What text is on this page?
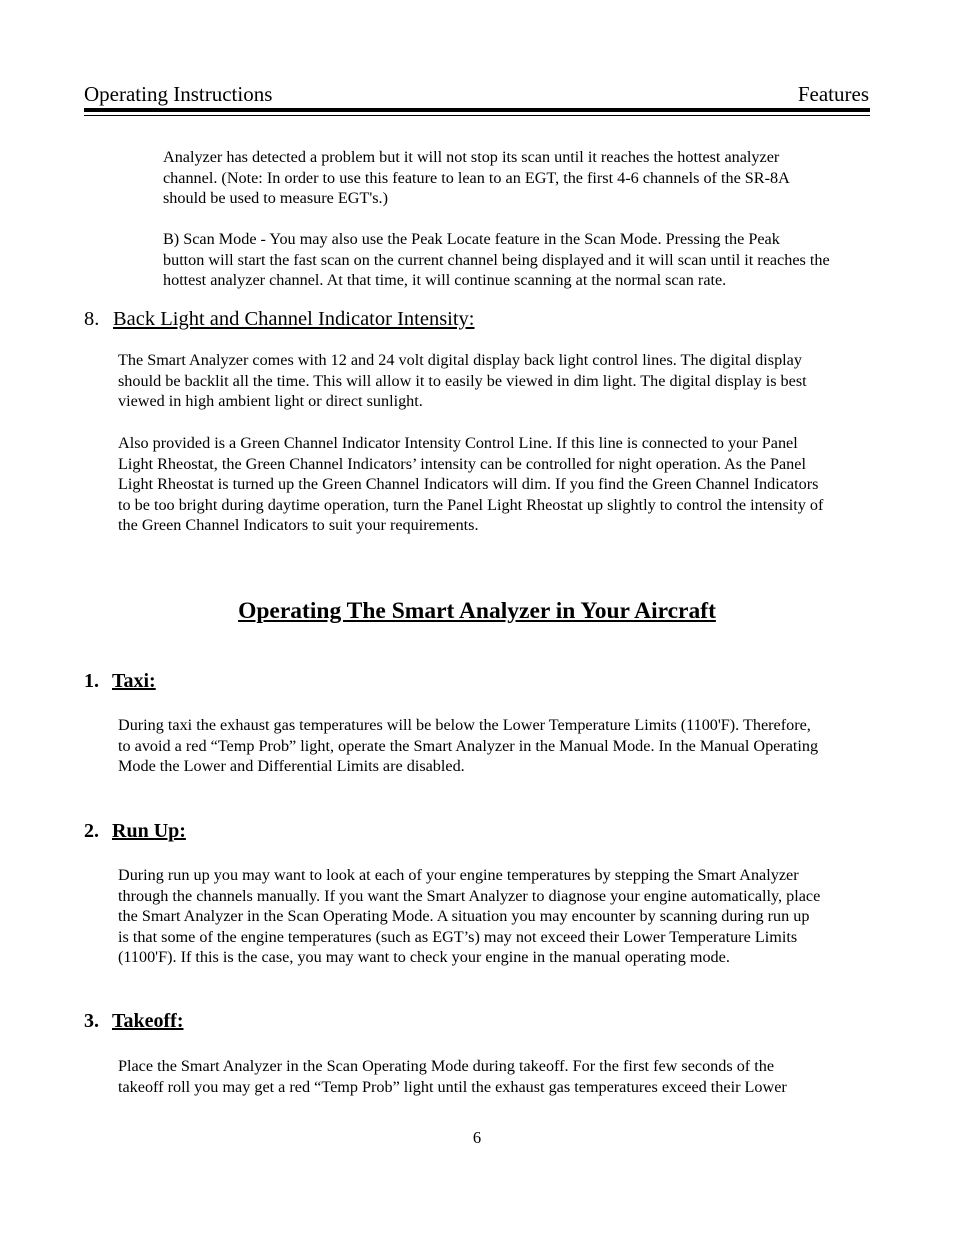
Operating Instructions	Features

Analyzer has detected a problem but it will not stop its scan until it reaches the hottest analyzer
channel. (Note: In order to use this feature to lean to an EGT, the first 4-6 channels of the SR-8A
should be used to measure EGT's.)

B) Scan Mode - You may also use the Peak Locate feature in the Scan Mode. Pressing the Peak
button will start the fast scan on the current channel being displayed and it will scan until it reaches the
hottest analyzer channel. At that time, it will continue scanning at the normal scan rate.

8. Back Light and Channel Indicator Intensity:

The Smart Analyzer comes with 12 and 24 volt digital display back light control lines. The digital display
should be backlit all the time. This will allow it to easily be viewed in dim light. The digital display is best
viewed in high ambient light or direct sunlight.

Also provided is a Green Channel Indicator Intensity Control Line. If this line is connected to your Panel
Light Rheostat, the Green Channel Indicators’ intensity can be controlled for night operation. As the Panel
Light Rheostat is turned up the Green Channel Indicators will dim. If you find the Green Channel Indicators
to be too bright during daytime operation, turn the Panel Light Rheostat up slightly to control the intensity of
the Green Channel Indicators to suit your requirements.

Operating The Smart Analyzer in Your Aircraft
1. Taxi:

During taxi the exhaust gas temperatures will be below the Lower Temperature Limits (1100'F). Therefore,
to avoid a red “Temp Prob” light, operate the Smart Analyzer in the Manual Mode. In the Manual Operating
Mode the Lower and Differential Limits are disabled.

2. Run Up:

During run up you may want to look at each of your engine temperatures by stepping the Smart Analyzer
through the channels manually. If you want the Smart Analyzer to diagnose your engine automatically, place
the Smart Analyzer in the Scan Operating Mode. A situation you may encounter by scanning during run up
is that some of the engine temperatures (such as EGT’s) may not exceed their Lower Temperature Limits
(1100'F). If this is the case, you may want to check your engine in the manual operating mode.

3. Takeoff:

Place the Smart Analyzer in the Scan Operating Mode during takeoff. For the first few seconds of the
takeoff roll you may get a red “Temp Prob” light until the exhaust gas temperatures exceed their Lower

6
